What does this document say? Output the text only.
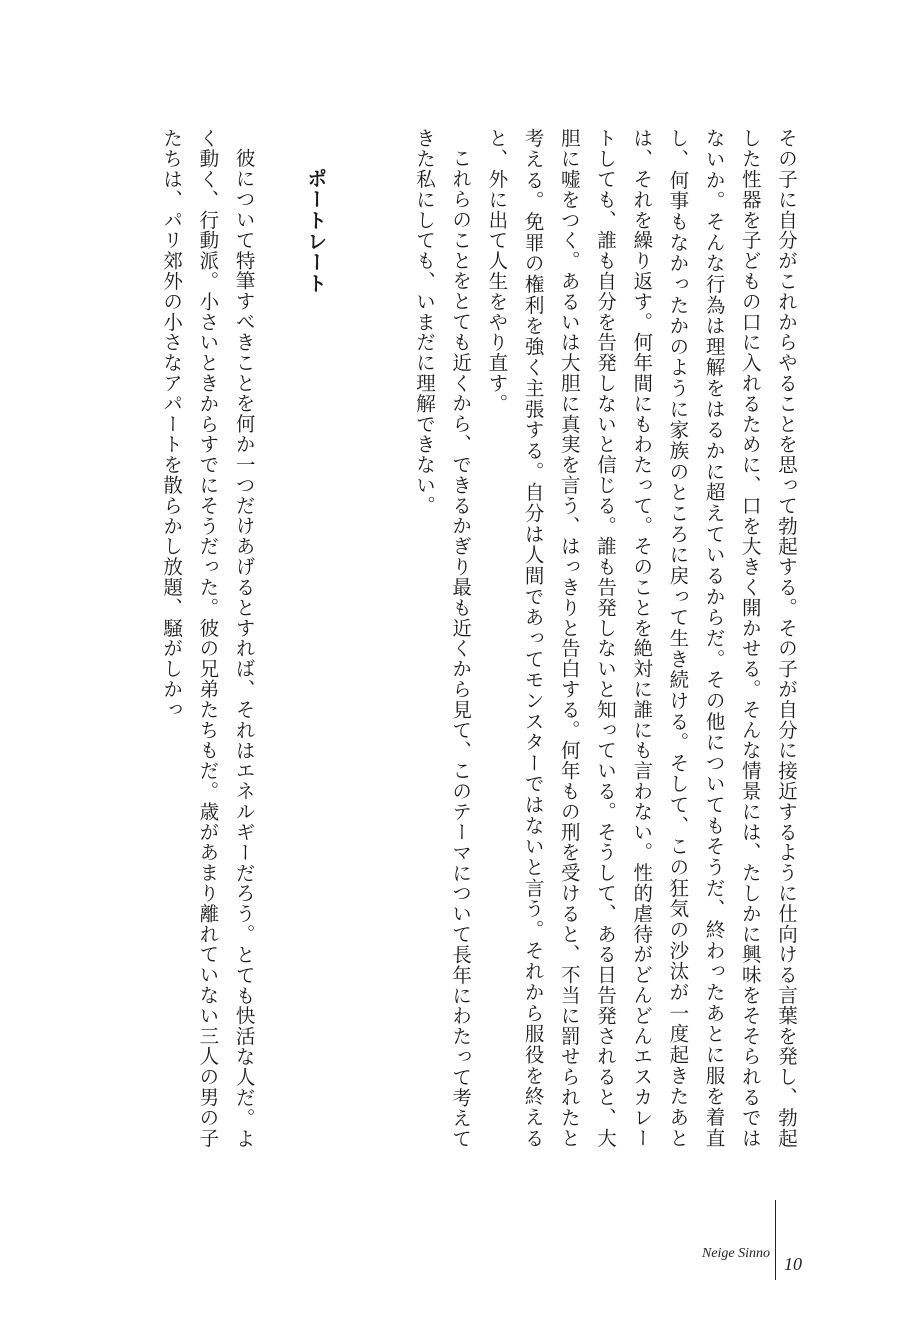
その子に自分がこれからやることを思って勃起する。その子が自分に接近するように仕向ける言葉を発し、勃起した性器を子どもの口に入れるために、口を大きく開かせる。そんな情景には、たしかに興味をそそられるではないか。そんな行為は理解をはるかに超えているからだ。その他についてもそうだ、終わったあとに服を着直し、何事もなかったかのように家族のところに戻って生き続ける。そして、この狂気の沙汰が一度起きたあとは、それを繰り返す。何年間にもわたって。そのことを絶対に誰にも言わない。性的虐待がどんどんエスカレートしても、誰も自分を告発しないと信じる。誰も告発しないと知っている。そうして、ある日告発されると、大胆に嘘をつく。あるいは大胆に真実を言う、はっきりと告白する。何年もの刑を受けると、不当に罰せられたと考える。免罪の権利を強く主張する。自分は人間であってモンスターではないと言う。それから服役を終えると、外に出て人生をやり直す。

これらのことをとても近くから、できるかぎり最も近くから見て、このテーマについて長年にわたって考えてきた私にしても、いまだに理解できない。

ポートレート

彼について特筆すべきことを何か一つだけあげるとすれば、それはエネルギーだろう。とても快活な人だ。よく動く、行動派。小さいときからすでにそうだった。彼の兄弟たちもだ。歳があまり離れていない三人の男の子たちは、パリ郊外の小さなアパートを散らかし放題、騒がしかっ

Neige Sinno
10
